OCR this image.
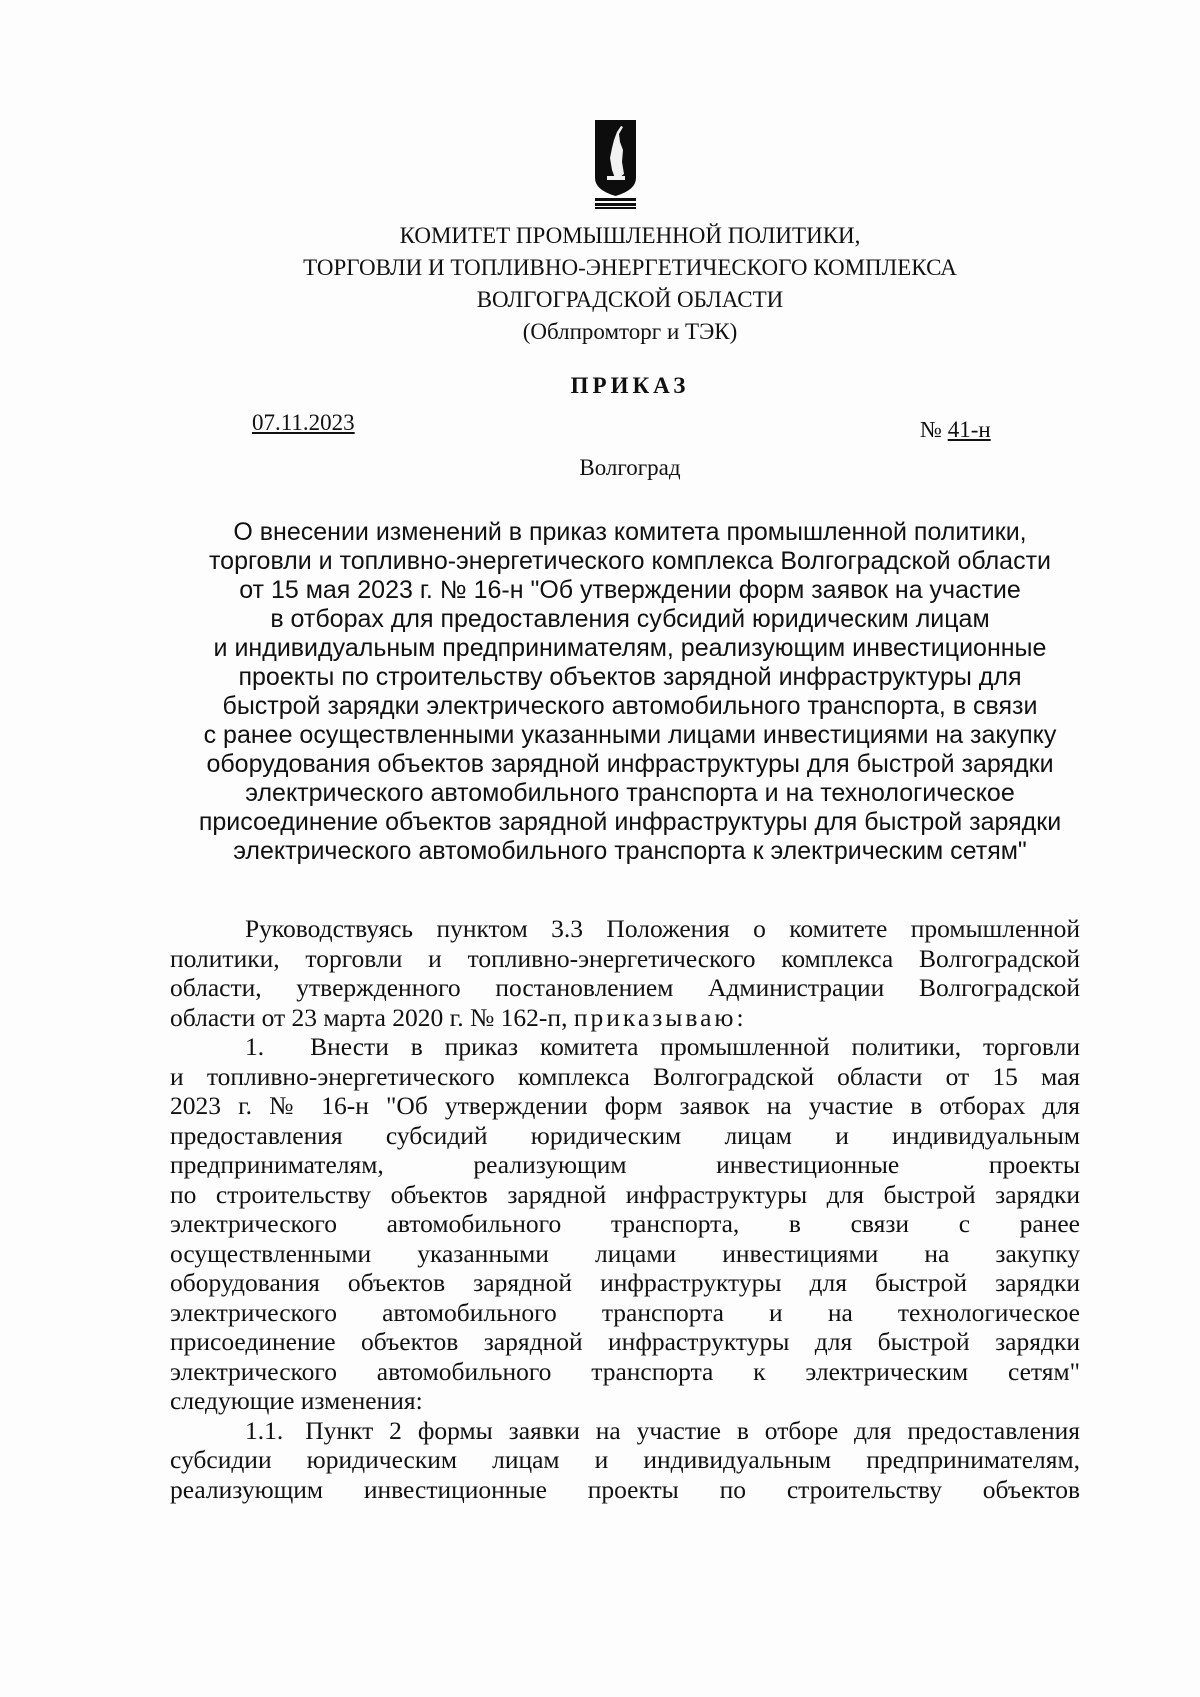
КОМИТЕТ ПРОМЫШЛЕННОЙ ПОЛИТИКИ,
ТОРГОВЛИ И ТОПЛИВНО-ЭНЕРГЕТИЧЕСКОГО КОМПЛЕКСА
ВОЛГОГРАДСКОЙ ОБЛАСТИ
(Облпромторг и ТЭК)
ПРИКАЗ
07.11.2023	№ 41-н
Волгоград
О внесении изменений в приказ комитета промышленной политики,
торговли и топливно-энергетического комплекса Волгоградской области
от 15 мая 2023 г. № 16-н "Об утверждении форм заявок на участие
в отборах для предоставления субсидий юридическим лицам
и индивидуальным предпринимателям, реализующим инвестиционные
проекты по строительству объектов зарядной инфраструктуры для
быстрой зарядки электрического автомобильного транспорта, в связи
с ранее осуществленными указанными лицами инвестициями на закупку
оборудования объектов зарядной инфраструктуры для быстрой зарядки
электрического автомобильного транспорта и на технологическое
присоединение объектов зарядной инфраструктуры для быстрой зарядки
электрического автомобильного транспорта к электрическим сетям"
Руководствуясь пунктом 3.3 Положения о комитете промышленной
политики, торговли и топливно-энергетического комплекса Волгоградской
области, утвержденного постановлением Администрации Волгоградской
области от 23 марта 2020 г. № 162-п, приказываю:
1. Внести в приказ комитета промышленной политики, торговли
и топливно-энергетического комплекса Волгоградской области от 15 мая
2023 г. № 16-н "Об утверждении форм заявок на участие в отборах для
предоставления субсидий юридическим лицам и индивидуальным
предпринимателям, реализующим инвестиционные проекты
по строительству объектов зарядной инфраструктуры для быстрой зарядки
электрического автомобильного транспорта, в связи с ранее
осуществленными указанными лицами инвестициями на закупку
оборудования объектов зарядной инфраструктуры для быстрой зарядки
электрического автомобильного транспорта и на технологическое
присоединение объектов зарядной инфраструктуры для быстрой зарядки
электрического автомобильного транспорта к электрическим сетям"
следующие изменения:
1.1. Пункт 2 формы заявки на участие в отборе для предоставления
субсидии юридическим лицам и индивидуальным предпринимателям,
реализующим инвестиционные проекты по строительству объектов
